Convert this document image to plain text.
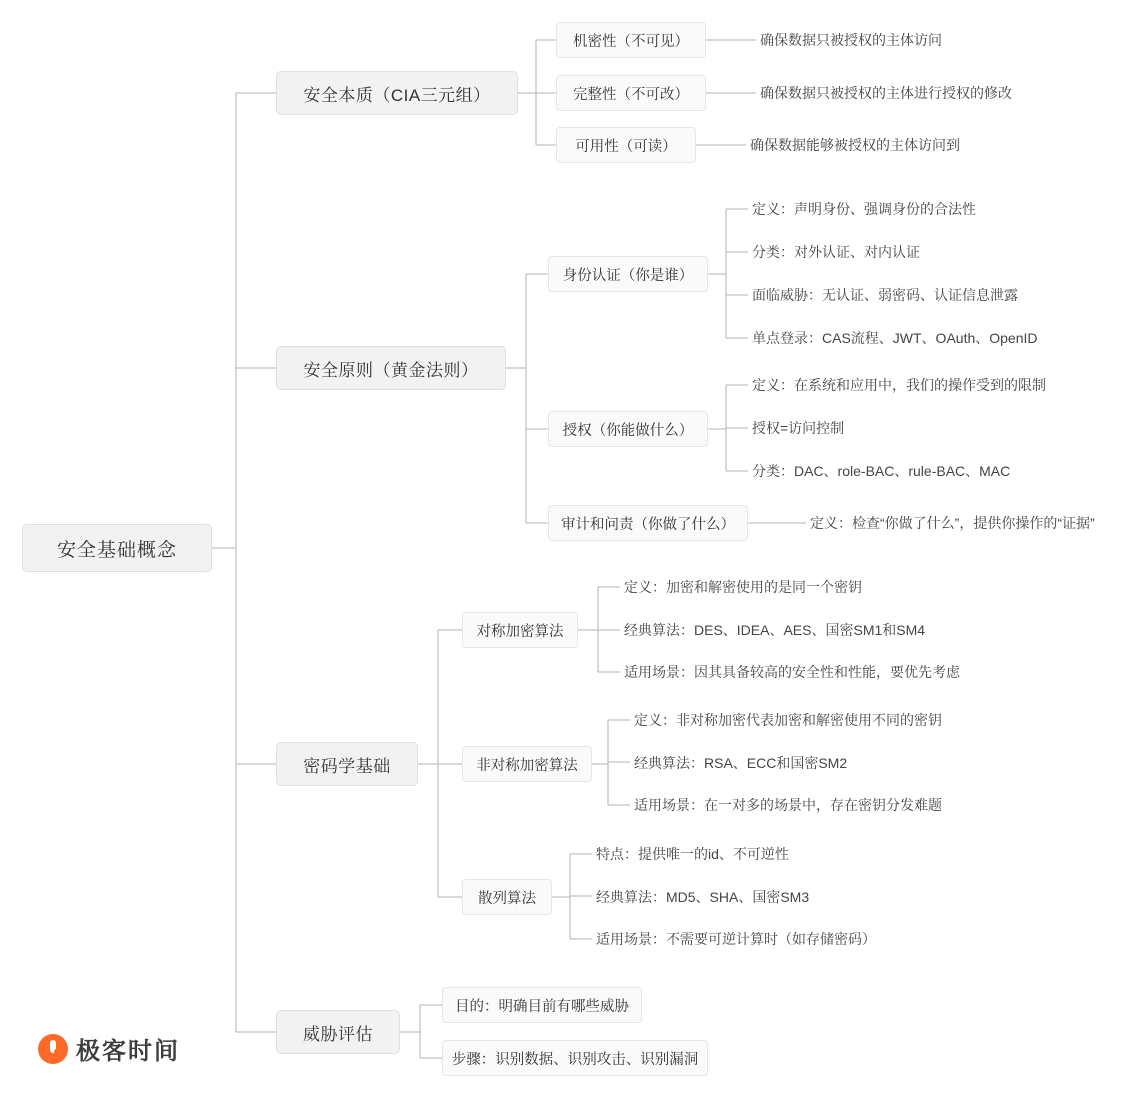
安全基础概念
安全本质（CIA三元组）
机密性（不可见）	确保数据只被授权的主体访问
完整性（不可改）	确保数据只被授权的主体进行授权的修改
可用性（可读）	确保数据能够被授权的主体访问到
安全原则（黄金法则）
身份认证（你是谁）
定义：声明身份、强调身份的合法性
分类：对外认证、对内认证
面临威胁：无认证、弱密码、认证信息泄露
单点登录：CAS流程、JWT、OAuth、OpenID
授权（你能做什么）
定义：在系统和应用中，我们的操作受到的限制
授权=访问控制
分类：DAC、role-BAC、rule-BAC、MAC
审计和问责（你做了什么）	定义：检查“你做了什么”，提供你操作的“证据”
密码学基础
对称加密算法
定义：加密和解密使用的是同一个密钥
经典算法：DES、IDEA、AES、国密SM1和SM4
适用场景：因其具备较高的安全性和性能，要优先考虑
非对称加密算法
定义：非对称加密代表加密和解密使用不同的密钥
经典算法：RSA、ECC和国密SM2
适用场景：在一对多的场景中，存在密钥分发难题
散列算法
特点：提供唯一的id、不可逆性
经典算法：MD5、SHA、国密SM3
适用场景：不需要可逆计算时（如存储密码）
威胁评估
目的：明确目前有哪些威胁
步骤：识别数据、识别攻击、识别漏洞
极客时间
